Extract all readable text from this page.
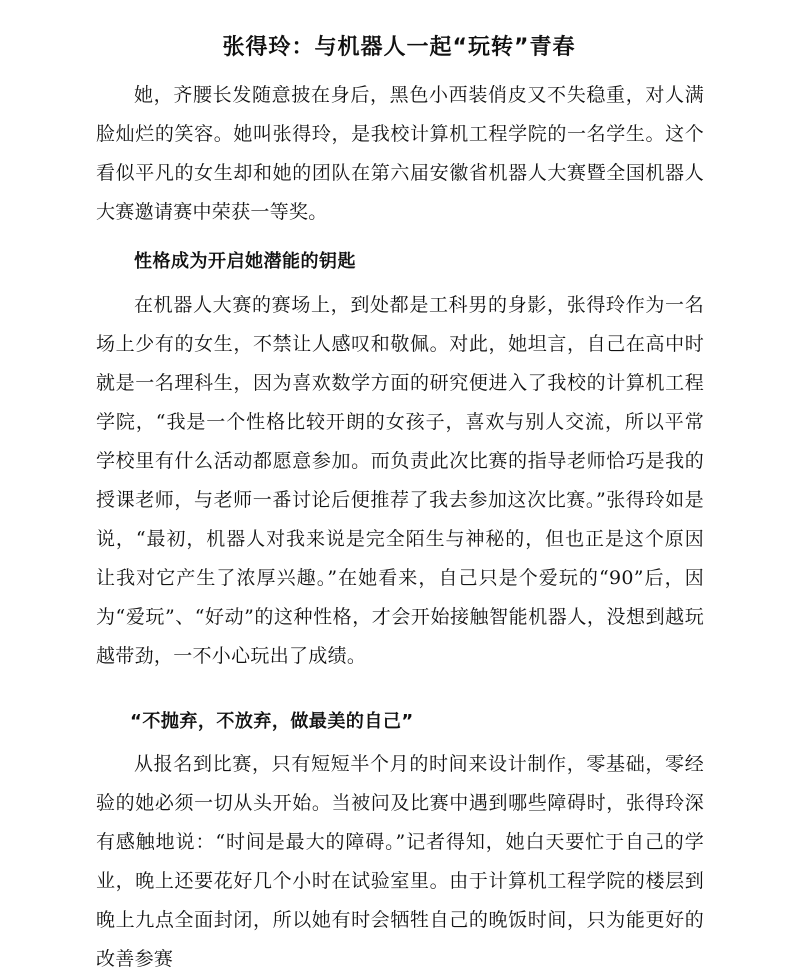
张得玲：与机器人一起“玩转”青春

她，齐腰长发随意披在身后，黑色小西装俏皮又不失稳重，对人满脸灿烂的笑容。她叫张得玲，是我校计算机工程学院的一名学生。这个看似平凡的女生却和她的团队在第六届安徽省机器人大赛暨全国机器人大赛邀请赛中荣获一等奖。

性格成为开启她潜能的钥匙

在机器人大赛的赛场上，到处都是工科男的身影，张得玲作为一名场上少有的女生，不禁让人感叹和敬佩。对此，她坦言，自己在高中时就是一名理科生，因为喜欢数学方面的研究便进入了我校的计算机工程学院，“我是一个性格比较开朗的女孩子，喜欢与别人交流，所以平常学校里有什么活动都愿意参加。而负责此次比赛的指导老师恰巧是我的授课老师，与老师一番讨论后便推荐了我去参加这次比赛。”张得玲如是说，“最初，机器人对我来说是完全陌生与神秘的，但也正是这个原因让我对它产生了浓厚兴趣。”在她看来，自己只是个爱玩的“90”后，因为“爱玩”、“好动”的这种性格，才会开始接触智能机器人，没想到越玩越带劲，一不小心玩出了成绩。

“不抛弃，不放弃，做最美的自己”

从报名到比赛，只有短短半个月的时间来设计制作，零基础，零经验的她必须一切从头开始。当被问及比赛中遇到哪些障碍时，张得玲深有感触地说：“时间是最大的障碍。”记者得知，她白天要忙于自己的学业，晚上还要花好几个小时在试验室里。由于计算机工程学院的楼层到晚上九点全面封闭，所以她有时会牺牲自己的晚饭时间，只为能更好的改善参赛
